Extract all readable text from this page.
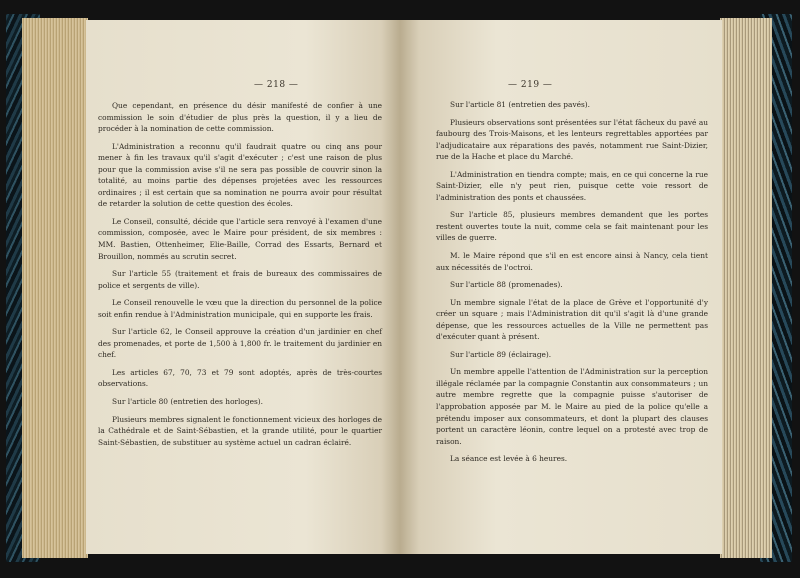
— 218 —

Que cependant, en présence du désir manifesté de confier à une commission le soin d'étudier de plus près la question, il y a lieu de procéder à la nomination de cette commission.

L'Administration a reconnu qu'il faudrait quatre ou cinq ans pour mener à fin les travaux qu'il s'agit d'exécuter ; c'est une raison de plus pour que la commission avise s'il ne sera pas possible de couvrir sinon la totalité, au moins partie des dépenses projetées avec les ressources ordinaires ; il est certain que sa nomination ne pourra avoir pour résultat de retarder la solution de cette question des écoles.

Le Conseil, consulté, décide que l'article sera renvoyé à l'examen d'une commission, composée, avec le Maire pour président, de six membres : MM. Bastien, Ottenheimer, Elie-Baille, Corrad des Essarts, Bernard et Brouillon, nommés au scrutin secret.

Sur l'article 55 (traitement et frais de bureaux des commissaires de police et sergents de ville).

Le Conseil renouvelle le vœu que la direction du personnel de la police soit enfin rendue à l'Administration municipale, qui en supporte les frais.

Sur l'article 62, le Conseil approuve la création d'un jardinier en chef des promenades, et porte de 1,500 à 1,800 fr. le traitement du jardinier en chef.

Les articles 67, 70, 73 et 79 sont adoptés, après de très-courtes observations.

Sur l'article 80 (entretien des horloges).

Plusieurs membres signalent le fonctionnement vicieux des horloges de la Cathédrale et de Saint-Sébastien, et la grande utilité, pour le quartier Saint-Sébastien, de substituer au système actuel un cadran éclairé.

— 219 —

Sur l'article 81 (entretien des pavés).

Plusieurs observations sont présentées sur l'état fâcheux du pavé au faubourg des Trois-Maisons, et les lenteurs regrettables apportées par l'adjudicataire aux réparations des pavés, notamment rue Saint-Dizier, rue de la Hache et place du Marché.

L'Administration en tiendra compte; mais, en ce qui concerne la rue Saint-Dizier, elle n'y peut rien, puisque cette voie ressort de l'administration des ponts et chaussées.

Sur l'article 85, plusieurs membres demandent que les portes restent ouvertes toute la nuit, comme cela se fait maintenant pour les villes de guerre.

M. le Maire répond que s'il en est encore ainsi à Nancy, cela tient aux nécessités de l'octroi.

Sur l'article 88 (promenades).

Un membre signale l'état de la place de Grève et l'opportunité d'y créer un square ; mais l'Administration dit qu'il s'agit là d'une grande dépense, que les ressources actuelles de la Ville ne permettent pas d'exécuter quant à présent.

Sur l'article 89 (éclairage).

Un membre appelle l'attention de l'Administration sur la perception illégale réclamée par la compagnie Constantin aux consommateurs ; un autre membre regrette que la compagnie puisse s'autoriser de l'approbation apposée par M. le Maire au pied de la police qu'elle a prétendu imposer aux consommateurs, et dont la plupart des clauses portent un caractère léonin, contre lequel on a protesté avec trop de raison.

La séance est levée à 6 heures.
